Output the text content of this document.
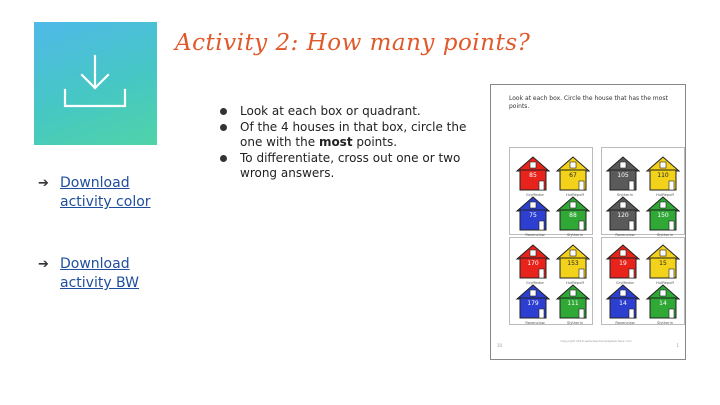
Activity 2: How many points?
➔ Download activity color
➔ Download activity BW
Look at each box or quadrant.
Of the 4 houses in that box, circle the one with the most points.
To differentiate, cross out one or two wrong answers.
Look at each box. Circle the house that has the most points.
85
Gryffindor
67
Hufflepuff
105
Slytherin
110
Hufflepuff
75
Ravenclaw
88
Slytherin
120
Ravenclaw
150
Slytherin
170
Gryffindor
153
Hufflepuff
19
Gryffindor
15
Hufflepuff
179
Ravenclaw
111
Slytherin
14
Ravenclaw
14
Slytherin
10
Copyright 2019 www.teacherspayteachers.com
1
